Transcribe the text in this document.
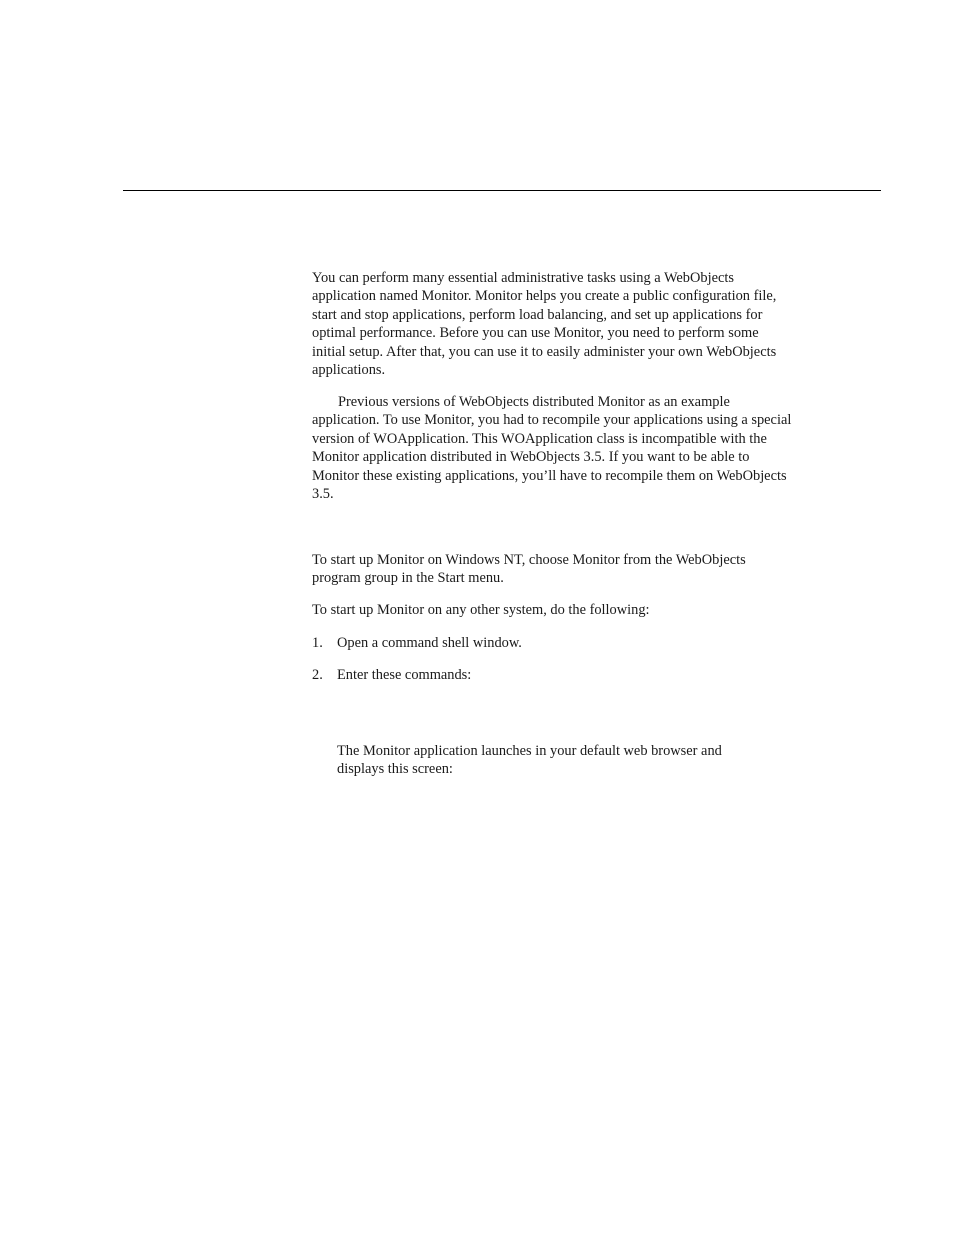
You can perform many essential administrative tasks using a WebObjects application named Monitor. Monitor helps you create a public configuration file, start and stop applications, perform load balancing, and set up applications for optimal performance. Before you can use Monitor, you need to perform some initial setup. After that, you can use it to easily administer your own WebObjects applications.

Previous versions of WebObjects distributed Monitor as an example application. To use Monitor, you had to recompile your applications using a special version of WOApplication. This WOApplication class is incompatible with the Monitor application distributed in WebObjects 3.5. If you want to be able to Monitor these existing applications, you’ll have to recompile them on WebObjects 3.5.

To start up Monitor on Windows NT, choose Monitor from the WebObjects program group in the Start menu.

To start up Monitor on any other system, do the following:

1. Open a command shell window.
2. Enter these commands:

The Monitor application launches in your default web browser and displays this screen:
